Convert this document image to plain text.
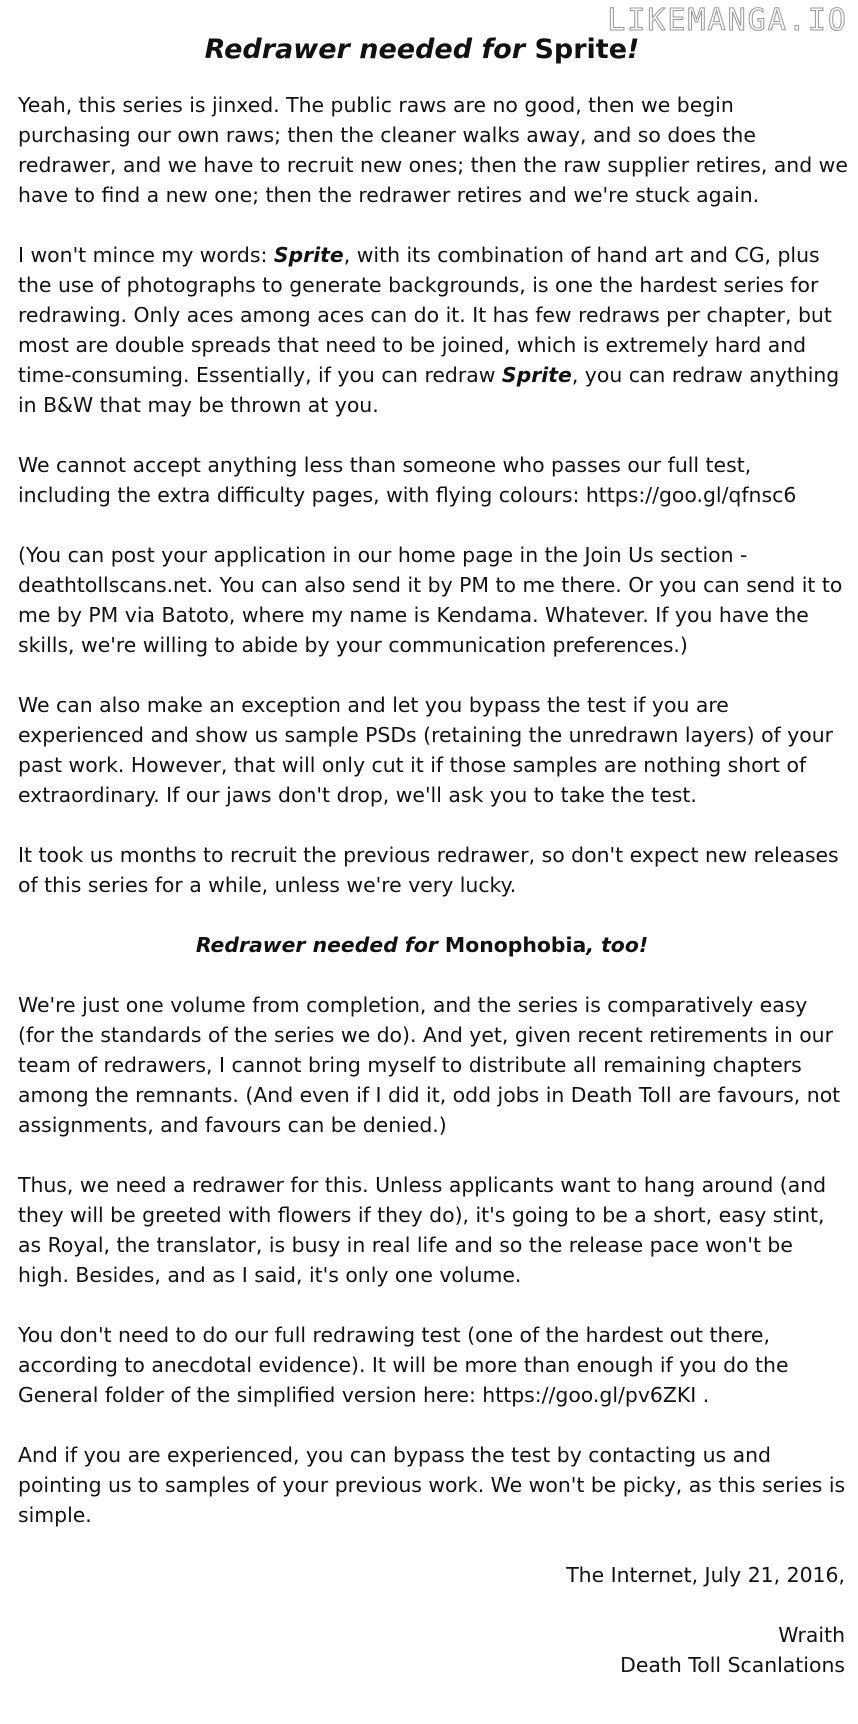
LIKEMANGA.IO
Redrawer needed for Sprite!

Yeah, this series is jinxed. The public raws are no good, then we begin purchasing our own raws; then the cleaner walks away, and so does the redrawer, and we have to recruit new ones; then the raw supplier retires, and we have to find a new one; then the redrawer retires and we're stuck again.

I won't mince my words: Sprite, with its combination of hand art and CG, plus the use of photographs to generate backgrounds, is one the hardest series for redrawing. Only aces among aces can do it. It has few redraws per chapter, but most are double spreads that need to be joined, which is extremely hard and time-consuming. Essentially, if you can redraw Sprite, you can redraw anything in B&W that may be thrown at you.

We cannot accept anything less than someone who passes our full test, including the extra difficulty pages, with flying colours: https://goo.gl/qfnsc6

(You can post your application in our home page in the Join Us section - deathtollscans.net. You can also send it by PM to me there. Or you can send it to me by PM via Batoto, where my name is Kendama. Whatever. If you have the skills, we're willing to abide by your communication preferences.)

We can also make an exception and let you bypass the test if you are experienced and show us sample PSDs (retaining the unredrawn layers) of your past work. However, that will only cut it if those samples are nothing short of extraordinary. If our jaws don't drop, we'll ask you to take the test.

It took us months to recruit the previous redrawer, so don't expect new releases of this series for a while, unless we're very lucky.

Redrawer needed for Monophobia, too!

We're just one volume from completion, and the series is comparatively easy (for the standards of the series we do). And yet, given recent retirements in our team of redrawers, I cannot bring myself to distribute all remaining chapters among the remnants. (And even if I did it, odd jobs in Death Toll are favours, not assignments, and favours can be denied.)

Thus, we need a redrawer for this. Unless applicants want to hang around (and they will be greeted with flowers if they do), it's going to be a short, easy stint, as Royal, the translator, is busy in real life and so the release pace won't be high. Besides, and as I said, it's only one volume.

You don't need to do our full redrawing test (one of the hardest out there, according to anecdotal evidence). It will be more than enough if you do the General folder of the simplified version here: https://goo.gl/pv6ZKI .

And if you are experienced, you can bypass the test by contacting us and pointing us to samples of your previous work. We won't be picky, as this series is simple.

The Internet, July 21, 2016,

Wraith

Death Toll Scanlations
